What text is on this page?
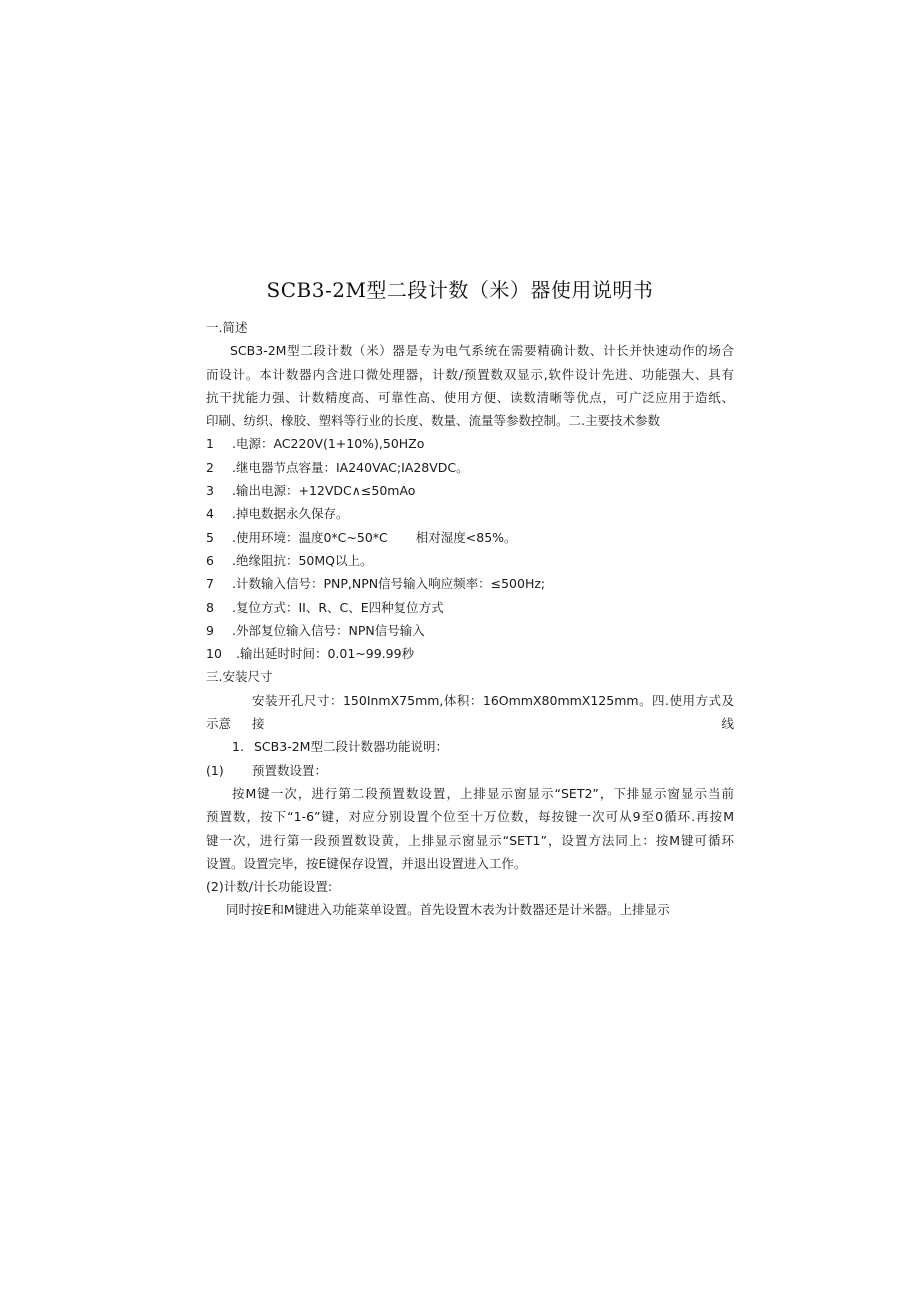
SCB3-2M型二段计数（米）器使用说明书
一.简述
SCB3-2M型二段计数（米）器是专为电气系统在需要精确计数、计长并快速动作的场合
而设计。本计数器内含进口微处理器，计数/预置数双显示,软件设计先进、功能强大、具有
抗干扰能力强、计数精度高、可靠性高、使用方便、读数清晰等优点，可广泛应用于造纸、
印刷、纺织、橡胶、塑料等行业的长度、数量、流量等参数控制。二.主要技术参数
1 .电源：AC220V(1+10%),50HZo
2 .继电器节点容量：IA240VAC;IA28VDC。
3 .输出电源：+12VDC∧≤50mAo
4 .掉电数据永久保存。
5 .使用环境：温度0*C~50*C 相对湿度<85%。
6 .绝缘阻抗：50MQ以上。
7 .计数输入信号：PNP,NPN信号输入响应频率：≤500Hz;
8 .复位方式：II、R、C、E四种复位方式
9 .外部复位输入信号：NPN信号输入
10 .输出延时时间：0.01~99.99秒
三.安装尺寸
安装开孔尺寸：150InmX75mm,体积：16OmmX80mmX125mm。四.使用方式及接线
示意
1. SCB3-2M型二段计数器功能说明：
(1) 预置数设置：
按M键一次，进行第二段预置数设置，上排显示窗显示“SET2”，下排显示窗显示当前
预置数，按下“1-6”键，对应分别设置个位至十万位数，每按键一次可从9至0循环.再按M
键一次，进行第一段预置数设黄，上排显示窗显示“SET1”，设置方法同上：按M键可循环
设置。设置完毕，按E键保存设置，并退出设置进入工作。
(2)计数/计长功能设置:
同时按E和M键进入功能菜单设置。首先设置木表为计数器还是计米器。上排显示
